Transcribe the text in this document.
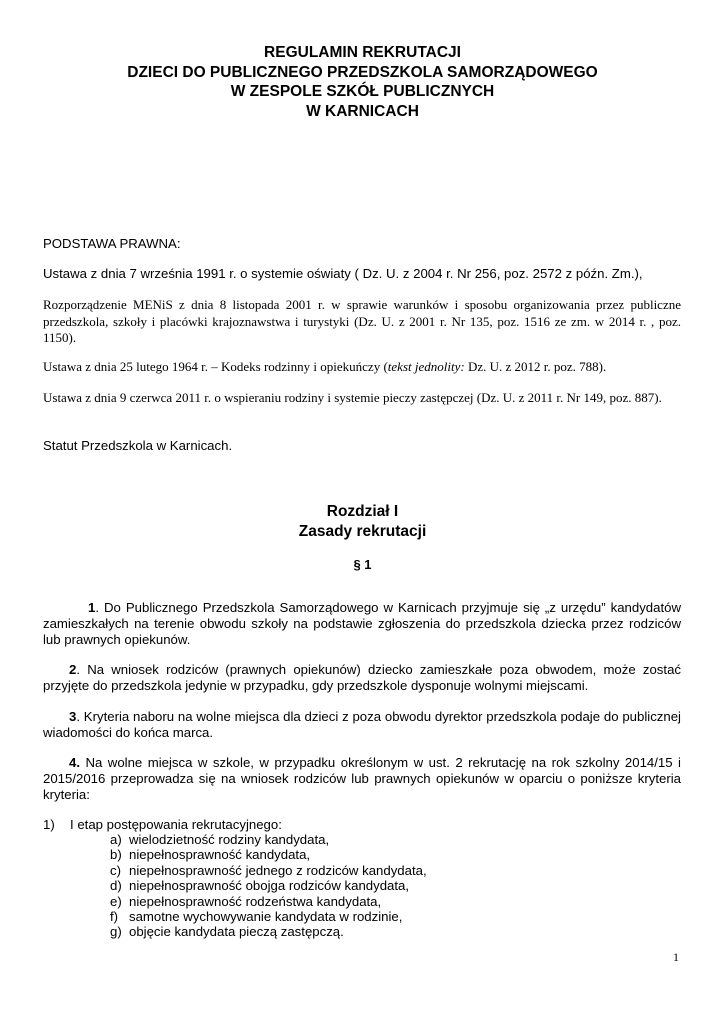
REGULAMIN REKRUTACJI
DZIECI DO PUBLICZNEGO PRZEDSZKOLA SAMORZĄDOWEGO
W ZESPOLE SZKÓŁ PUBLICZNYCH
W KARNICACH
PODSTAWA PRAWNA:
Ustawa z dnia 7 września 1991 r. o systemie oświaty ( Dz. U. z 2004 r. Nr 256, poz. 2572 z późn. Zm.),
Rozporządzenie MENiS z dnia 8 listopada 2001 r. w sprawie warunków i sposobu organizowania przez publiczne przedszkola, szkoły i placówki krajoznawstwa i turystyki (Dz. U. z 2001 r. Nr 135, poz. 1516 ze zm. w 2014 r. , poz. 1150).
Ustawa z dnia 25 lutego 1964 r. – Kodeks rodzinny i opiekuńczy (tekst jednolity: Dz. U. z 2012 r. poz. 788).
Ustawa z dnia 9 czerwca 2011 r. o wspieraniu rodziny i systemie pieczy zastępczej (Dz. U. z 2011 r. Nr 149, poz. 887).
Statut Przedszkola w Karnicach.
Rozdział I
Zasady rekrutacji
§ 1
1. Do Publicznego Przedszkola Samorządowego w Karnicach przyjmuje się „z urzędu” kandydatów zamieszkałych na terenie obwodu szkoły na podstawie zgłoszenia do przedszkola dziecka przez rodziców lub prawnych opiekunów.
2. Na wniosek rodziców (prawnych opiekunów) dziecko zamieszkałe poza obwodem, może zostać przyjęte do przedszkola jedynie w przypadku, gdy przedszkole dysponuje wolnymi miejscami.
3. Kryteria naboru na wolne miejsca dla dzieci z poza obwodu dyrektor przedszkola podaje do publicznej wiadomości do końca marca.
4. Na wolne miejsca w szkole, w przypadku określonym w ust. 2 rekrutację na rok szkolny 2014/15 i 2015/2016 przeprowadza się na wniosek rodziców lub prawnych opiekunów w oparciu o poniższe kryteria kryteria:
1) I etap postępowania rekrutacyjnego:
a) wielodzietność rodziny kandydata,
b) niepełnosprawność kandydata,
c) niepełnosprawność jednego z rodziców kandydata,
d) niepełnosprawność obojga rodziców kandydata,
e) niepełnosprawność rodzeństwa kandydata,
f) samotne wychowywanie kandydata w rodzinie,
g) objęcie kandydata pieczą zastępczą.
1
